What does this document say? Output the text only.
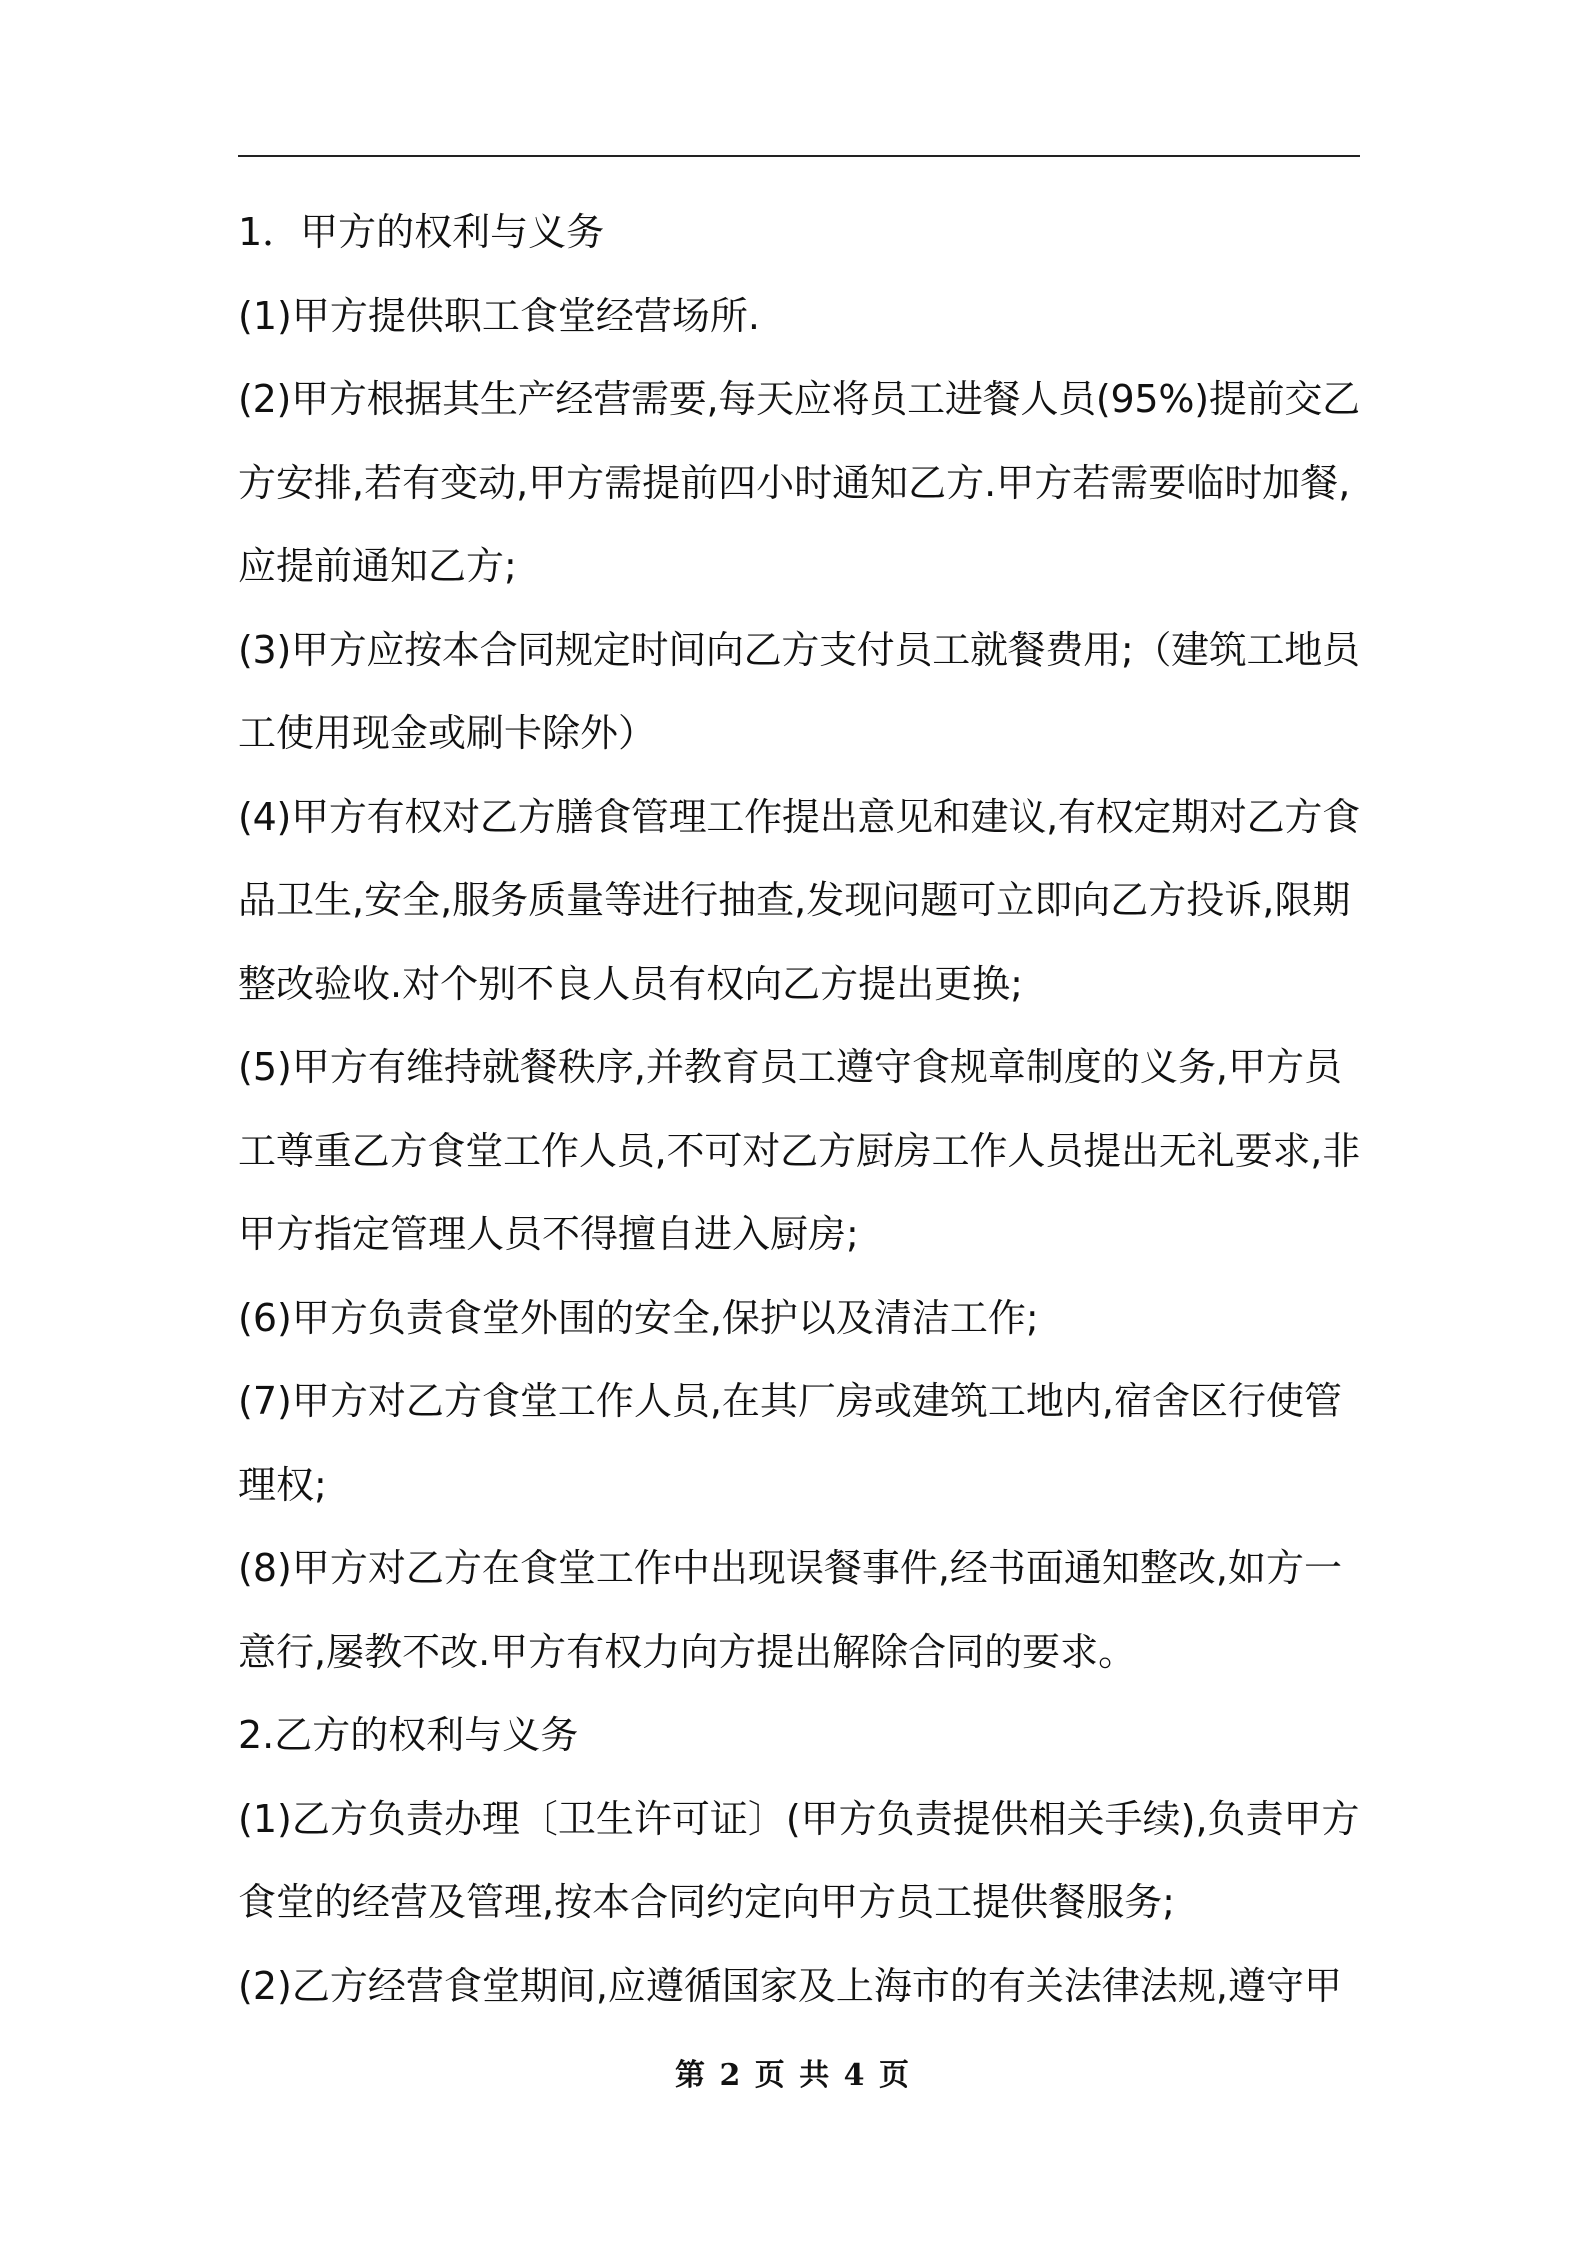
1．甲方的权利与义务
(1)甲方提供职工食堂经营场所.
(2)甲方根据其生产经营需要,每天应将员工进餐人员(95%)提前交乙
方安排,若有变动,甲方需提前四小时通知乙方.甲方若需要临时加餐,
应提前通知乙方;
(3)甲方应按本合同规定时间向乙方支付员工就餐费用;（建筑工地员
工使用现金或刷卡除外）
(4)甲方有权对乙方膳食管理工作提出意见和建议,有权定期对乙方食
品卫生,安全,服务质量等进行抽查,发现问题可立即向乙方投诉,限期
整改验收.对个别不良人员有权向乙方提出更换;
(5)甲方有维持就餐秩序,并教育员工遵守食规章制度的义务,甲方员
工尊重乙方食堂工作人员,不可对乙方厨房工作人员提出无礼要求,非
甲方指定管理人员不得擅自进入厨房;
(6)甲方负责食堂外围的安全,保护以及清洁工作;
(7)甲方对乙方食堂工作人员,在其厂房或建筑工地内,宿舍区行使管
理权;
(8)甲方对乙方在食堂工作中出现误餐事件,经书面通知整改,如方一
意行,屡教不改.甲方有权力向方提出解除合同的要求。
2.乙方的权利与义务
(1)乙方负责办理〔卫生许可证〕(甲方负责提供相关手续),负责甲方
食堂的经营及管理,按本合同约定向甲方员工提供餐服务;
(2)乙方经营食堂期间,应遵循国家及上海市的有关法律法规,遵守甲
第 2 页 共 4 页
